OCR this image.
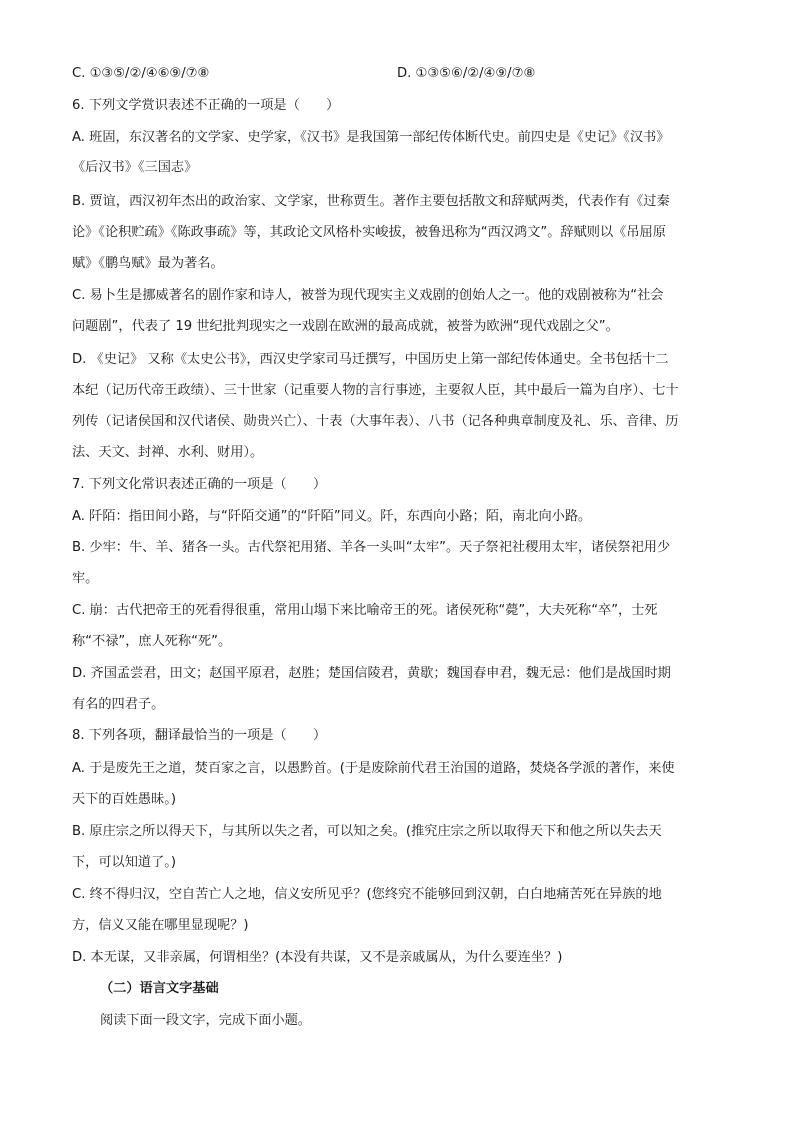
C. ①③⑤/②/④⑥⑨/⑦⑧	D. ①③⑤⑥/②/④⑨/⑦⑧
6. 下列文学赏识表述不正确的一项是（　　）
A. 班固，东汉著名的文学家、史学家，《汉书》是我国第一部纪传体断代史。前四史是《史记》《汉书》
《后汉书》《三国志》
B. 贾谊，西汉初年杰出的政治家、文学家，世称贾生。著作主要包括散文和辞赋两类，代表作有《过秦
论》《论积贮疏》《陈政事疏》等，其政论文风格朴实峻拔，被鲁迅称为“西汉鸿文”。辞赋则以《吊屈原
赋》《鹏鸟赋》最为著名。
C. 易卜生是挪威著名的剧作家和诗人，被誉为现代现实主义戏剧的创始人之一。他的戏剧被称为“社会
问题剧”，代表了 19 世纪批判现实之一戏剧在欧洲的最高成就，被誉为欧洲“现代戏剧之父”。
D. 《史记》 又称《太史公书》，西汉史学家司马迁撰写，中国历史上第一部纪传体通史。全书包括十二
本纪（记历代帝王政绩）、三十世家（记重要人物的言行事迹，主要叙人臣，其中最后一篇为自序）、七十
列传（记诸侯国和汉代诸侯、勋贵兴亡）、十表（大事年表）、八书（记各种典章制度及礼、乐、音律、历
法、天文、封禅、水利、财用）。
7. 下列文化常识表述正确的一项是（　　）
A. 阡陌：指田间小路，与“阡陌交通”的“阡陌”同义。阡，东西向小路；陌，南北向小路。
B. 少牢：牛、羊、猪各一头。古代祭祀用猪、羊各一头叫“太牢”。天子祭祀社稷用太牢，诸侯祭祀用少
牢。
C. 崩：古代把帝王的死看得很重，常用山塌下来比喻帝王的死。诸侯死称“薨”，大夫死称“卒”，士死
称“不禄”，庶人死称“死”。
D. 齐国孟尝君，田文；赵国平原君，赵胜；楚国信陵君，黄歇；魏国春申君，魏无忌：他们是战国时期
有名的四君子。
8. 下列各项，翻译最恰当的一项是（　　）
A. 于是废先王之道，焚百家之言，以愚黔首。(于是废除前代君王治国的道路，焚烧各学派的著作，来使
天下的百姓愚昧。)
B. 原庄宗之所以得天下，与其所以失之者，可以知之矣。(推究庄宗之所以取得天下和他之所以失去天
下，可以知道了。)
C. 终不得归汉，空自苦亡人之地，信义安所见乎？(您终究不能够回到汉朝，白白地痛苦死在异族的地
方，信义又能在哪里显现呢？)
D. 本无谋，又非亲属，何谓相坐？(本没有共谋，又不是亲戚属从，为什么要连坐？)
（二）语言文字基础
阅读下面一段文字，完成下面小题。
